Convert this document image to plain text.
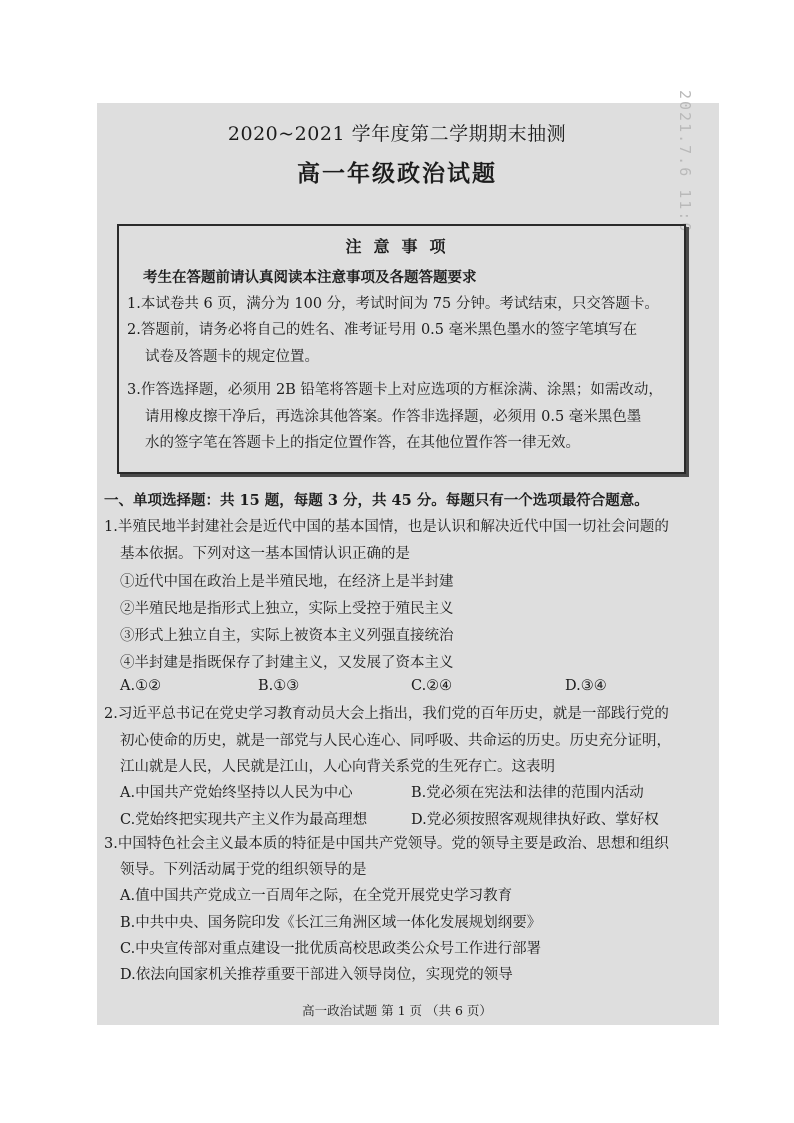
2021.7.6 11:0
2020~2021 学年度第二学期期末抽测
高一年级政治试题
注意事项
考生在答题前请认真阅读本注意事项及各题答题要求
1.本试卷共 6 页，满分为 100 分，考试时间为 75 分钟。考试结束，只交答题卡。
2.答题前，请务必将自己的姓名、准考证号用 0.5 毫米黑色墨水的签字笔填写在
试卷及答题卡的规定位置。
3.作答选择题，必须用 2B 铅笔将答题卡上对应选项的方框涂满、涂黑；如需改动，
请用橡皮擦干净后，再选涂其他答案。作答非选择题，必须用 0.5 毫米黑色墨
水的签字笔在答题卡上的指定位置作答，在其他位置作答一律无效。
一、单项选择题：共 15 题，每题 3 分，共 45 分。每题只有一个选项最符合题意。
1.半殖民地半封建社会是近代中国的基本国情，也是认识和解决近代中国一切社会问题的
基本依据。下列对这一基本国情认识正确的是
①近代中国在政治上是半殖民地，在经济上是半封建
②半殖民地是指形式上独立，实际上受控于殖民主义
③形式上独立自主，实际上被资本主义列强直接统治
④半封建是指既保存了封建主义，又发展了资本主义
A.①②	B.①③	C.②④	D.③④
2.习近平总书记在党史学习教育动员大会上指出，我们党的百年历史，就是一部践行党的
初心使命的历史，就是一部党与人民心连心、同呼吸、共命运的历史。历史充分证明，
江山就是人民，人民就是江山，人心向背关系党的生死存亡。这表明
A.中国共产党始终坚持以人民为中心	B.党必须在宪法和法律的范围内活动
C.党始终把实现共产主义作为最高理想	D.党必须按照客观规律执好政、掌好权
3.中国特色社会主义最本质的特征是中国共产党领导。党的领导主要是政治、思想和组织
领导。下列活动属于党的组织领导的是
A.值中国共产党成立一百周年之际，在全党开展党史学习教育
B.中共中央、国务院印发《长江三角洲区域一体化发展规划纲要》
C.中央宣传部对重点建设一批优质高校思政类公众号工作进行部署
D.依法向国家机关推荐重要干部进入领导岗位，实现党的领导
高一政治试题 第 1 页 （共 6 页）
